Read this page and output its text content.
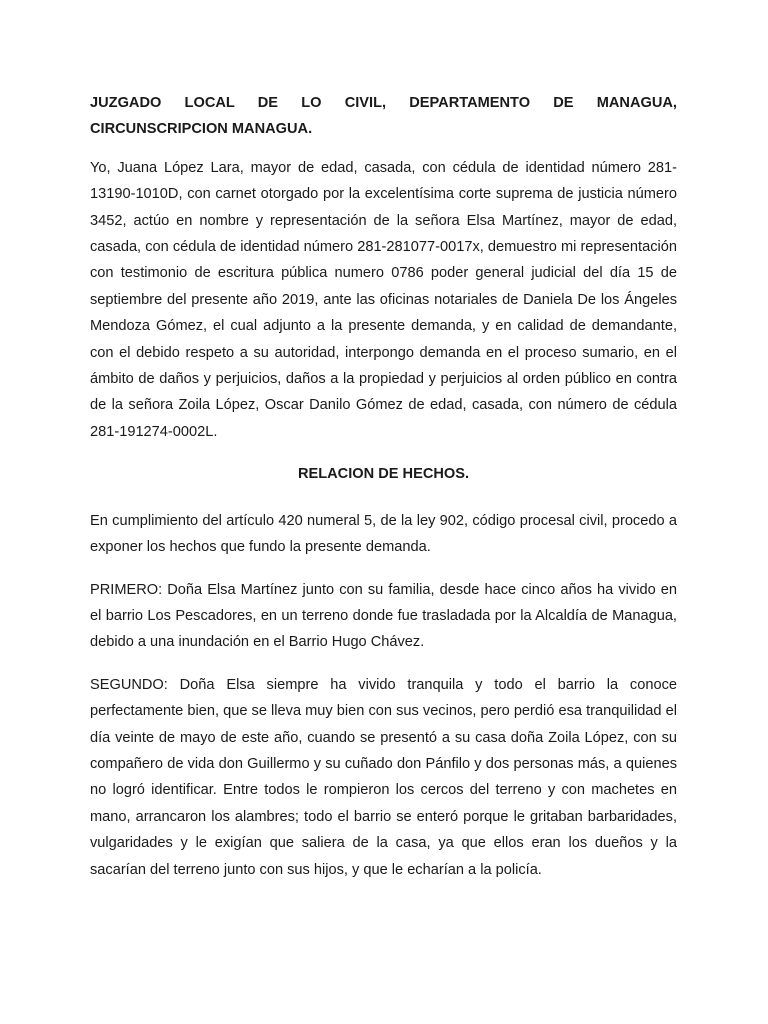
JUZGADO LOCAL DE LO CIVIL, DEPARTAMENTO DE MANAGUA, CIRCUNSCRIPCION MANAGUA.

Yo, Juana López Lara, mayor de edad, casada, con cédula de identidad número 281-13190-1010D, con carnet otorgado por la excelentísima corte suprema de justicia número 3452, actúo en nombre y representación de la señora Elsa Martínez, mayor de edad, casada, con cédula de identidad número 281-281077-0017x, demuestro mi representación con testimonio de escritura pública numero 0786 poder general judicial del día 15 de septiembre del presente año 2019, ante las oficinas notariales de Daniela De los Ángeles Mendoza Gómez, el cual adjunto a la presente demanda, y en calidad de demandante, con el debido respeto a su autoridad, interpongo demanda en el proceso sumario, en el ámbito de daños y perjuicios, daños a la propiedad y perjuicios al orden público en contra de la señora Zoila López, Oscar Danilo Gómez de edad, casada, con número de cédula 281-191274-0002L.

RELACION DE HECHOS.

En cumplimiento del artículo 420 numeral 5, de la ley 902, código procesal civil, procedo a exponer los hechos que fundo la presente demanda.

PRIMERO: Doña Elsa Martínez junto con su familia, desde hace cinco años ha vivido en el barrio Los Pescadores, en un terreno donde fue trasladada por la Alcaldía de Managua, debido a una inundación en el Barrio Hugo Chávez.

SEGUNDO: Doña Elsa siempre ha vivido tranquila y todo el barrio la conoce perfectamente bien, que se lleva muy bien con sus vecinos, pero perdió esa tranquilidad el día veinte de mayo de este año, cuando se presentó a su casa doña Zoila López, con su compañero de vida don Guillermo y su cuñado don Pánfilo y dos personas más, a quienes no logró identificar. Entre todos le rompieron los cercos del terreno y con machetes en mano, arrancaron los alambres; todo el barrio se enteró porque le gritaban barbaridades, vulgaridades y le exigían que saliera de la casa, ya que ellos eran los dueños y la sacarían del terreno junto con sus hijos, y que le echarían a la policía.
